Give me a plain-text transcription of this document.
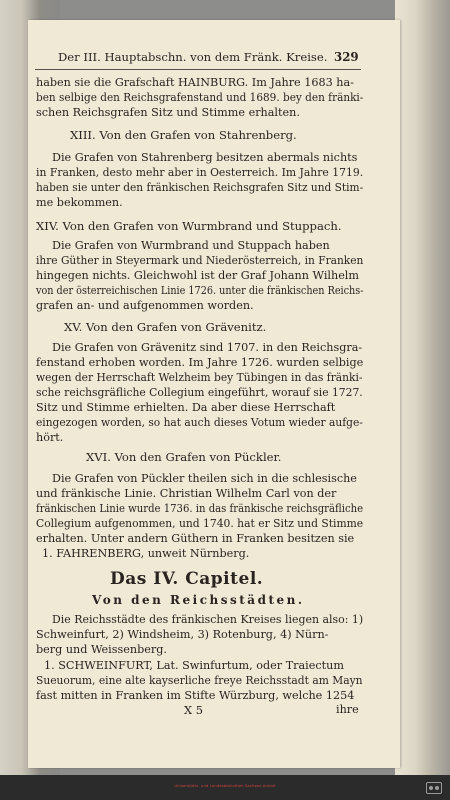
Der III. Hauptabschn. von dem Fränk. Kreise. 329
haben sie die Grafschaft HAINBURG. Im Jahre 1683 ha-
ben selbige den Reichsgrafenstand und 1689. bey den fränki-
schen Reichsgrafen Sitz und Stimme erhalten.
XIII. Von den Grafen von Stahrenberg.
Die Grafen von Stahrenberg besitzen abermals nichts
in Franken, desto mehr aber in Oesterreich. Im Jahre 1719.
haben sie unter den fränkischen Reichsgrafen Sitz und Stim-
me bekommen.
XIV. Von den Grafen von Wurmbrand und Stuppach.
Die Grafen von Wurmbrand und Stuppach haben
ihre Güther in Steyermark und Niederösterreich, in Franken
hingegen nichts. Gleichwohl ist der Graf Johann Wilhelm
von der österreichischen Linie 1726. unter die fränkischen Reichs-
grafen an- und aufgenommen worden.
XV. Von den Grafen von Grävenitz.
Die Grafen von Grävenitz sind 1707. in den Reichsgra-
fenstand erhoben worden. Im Jahre 1726. wurden selbige
wegen der Herrschaft Welzheim bey Tübingen in das fränki-
sche reichsgräfliche Collegium eingeführt, worauf sie 1727.
Sitz und Stimme erhielten. Da aber diese Herrschaft
eingezogen worden, so hat auch dieses Votum wieder aufge-
hört.
XVI. Von den Grafen von Pückler.
Die Grafen von Pückler theilen sich in die schlesische
und fränkische Linie. Christian Wilhelm Carl von der
fränkischen Linie wurde 1736. in das fränkische reichsgräfliche
Collegium aufgenommen, und 1740. hat er Sitz und Stimme
erhalten. Unter andern Güthern in Franken besitzen sie
1. FAHRENBERG, unweit Nürnberg.
Das IV. Capitel.
Von den Reichsstädten.
Die Reichsstädte des fränkischen Kreises liegen also: 1)
Schweinfurt, 2) Windsheim, 3) Rotenburg, 4) Nürn-
berg und Weissenberg.
1. SCHWEINFURT, Lat. Swinfurtum, oder Traiectum
Sueuorum, eine alte kayserliche freye Reichsstadt am Mayn
fast mitten in Franken im Stifte Würzburg, welche 1254
X 5	ihre
Universitäts- und Landesbibliothek Sachsen-Anhalt
